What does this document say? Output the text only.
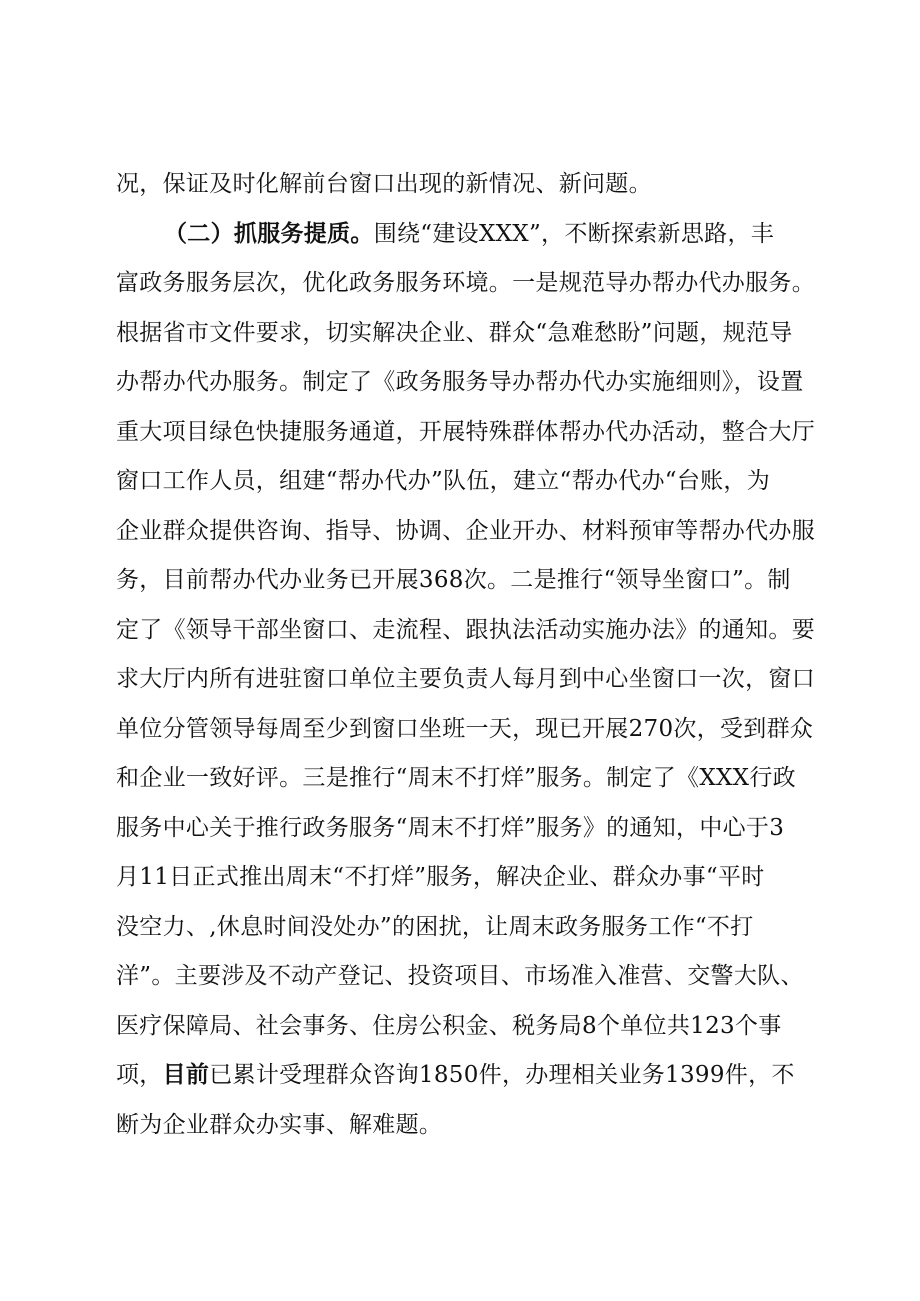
况，保证及时化解前台窗口出现的新情况、新问题。
（二）抓服务提质。围绕“建设XXX”，不断探索新思路，丰
富政务服务层次，优化政务服务环境。一是规范导办帮办代办服务。
根据省市文件要求，切实解决企业、群众“急难愁盼”问题，规范导
办帮办代办服务。制定了《政务服务导办帮办代办实施细则》，设置
重大项目绿色快捷服务通道，开展特殊群体帮办代办活动，整合大厅
窗口工作人员，组建“帮办代办”队伍，建立“帮办代办“台账，为
企业群众提供咨询、指导、协调、企业开办、材料预审等帮办代办服
务，目前帮办代办业务已开展368次。二是推行“领导坐窗口”。制
定了《领导干部坐窗口、走流程、跟执法活动实施办法》的通知。要
求大厅内所有进驻窗口单位主要负责人每月到中心坐窗口一次，窗口
单位分管领导每周至少到窗口坐班一天，现已开展270次，受到群众
和企业一致好评。三是推行“周末不打烊”服务。制定了《XXX行政
服务中心关于推行政务服务“周末不打烊”服务》的通知，中心于3
月11日正式推出周末“不打烊”服务，解决企业、群众办事“平时
没空力、,休息时间没处办”的困扰，让周末政务服务工作“不打
洋”。主要涉及不动产登记、投资项目、市场准入准营、交警大队、
医疗保障局、社会事务、住房公积金、税务局8个单位共123个事
项，目前已累计受理群众咨询1850件，办理相关业务1399件，不
断为企业群众办实事、解难题。
